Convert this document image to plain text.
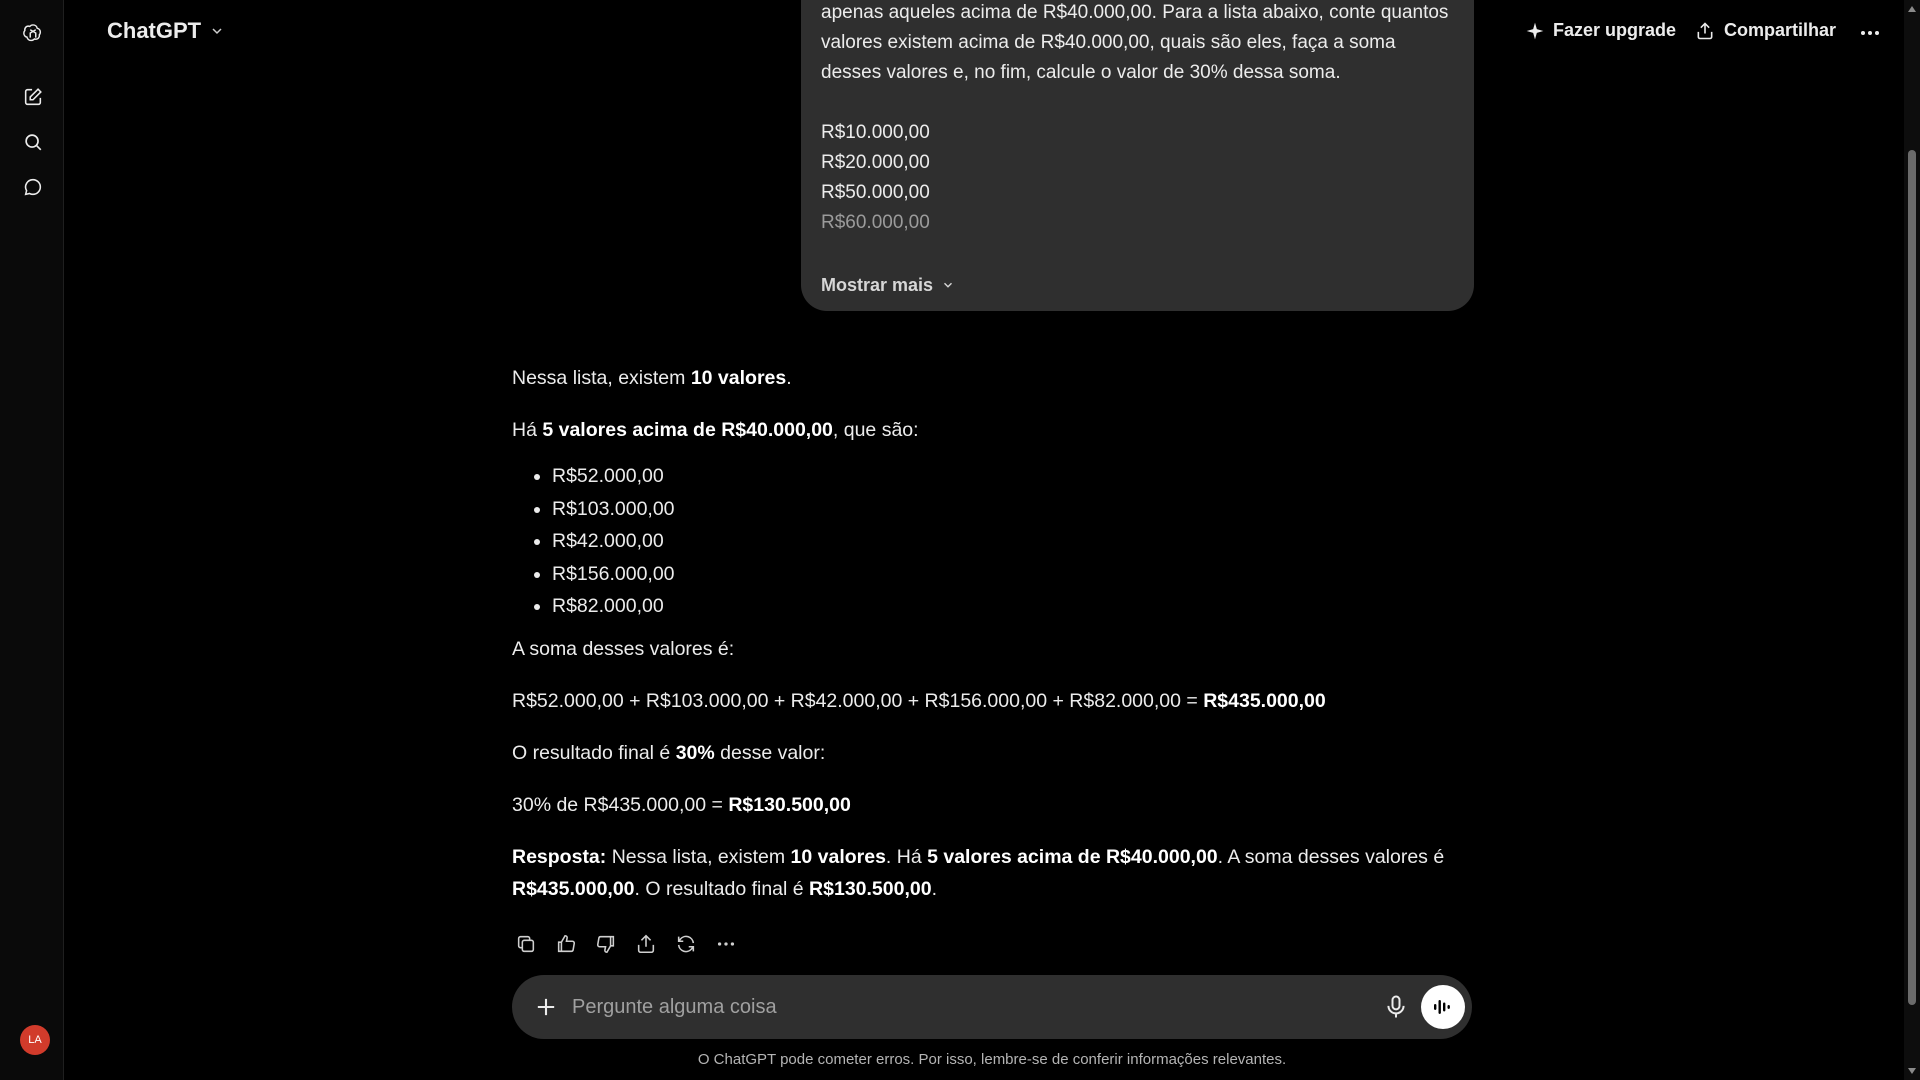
LA
apenas aqueles acima de R$40.000,00. Para a lista abaixo, conte quantos valores existem acima de R$40.000,00, quais são eles, faça a soma desses valores e, no fim, calcule o valor de 30% dessa soma.
R$10.000,00
R$20.000,00
R$50.000,00
R$60.000,00
Mostrar mais
ChatGPT	Fazer upgrade	Compartilhar

Nessa lista, existem 10 valores.

Há 5 valores acima de R$40.000,00, que são:

• R$52.000,00
• R$103.000,00
• R$42.000,00
• R$156.000,00
• R$82.000,00

A soma desses valores é:

R$52.000,00 + R$103.000,00 + R$42.000,00 + R$156.000,00 + R$82.000,00 = R$435.000,00

O resultado final é 30% desse valor:

30% de R$435.000,00 = R$130.500,00

Resposta: Nessa lista, existem 10 valores. Há 5 valores acima de R$40.000,00. A soma desses valores é R$435.000,00. O resultado final é R$130.500,00.

Pergunte alguma coisa
O ChatGPT pode cometer erros. Por isso, lembre-se de conferir informações relevantes.
